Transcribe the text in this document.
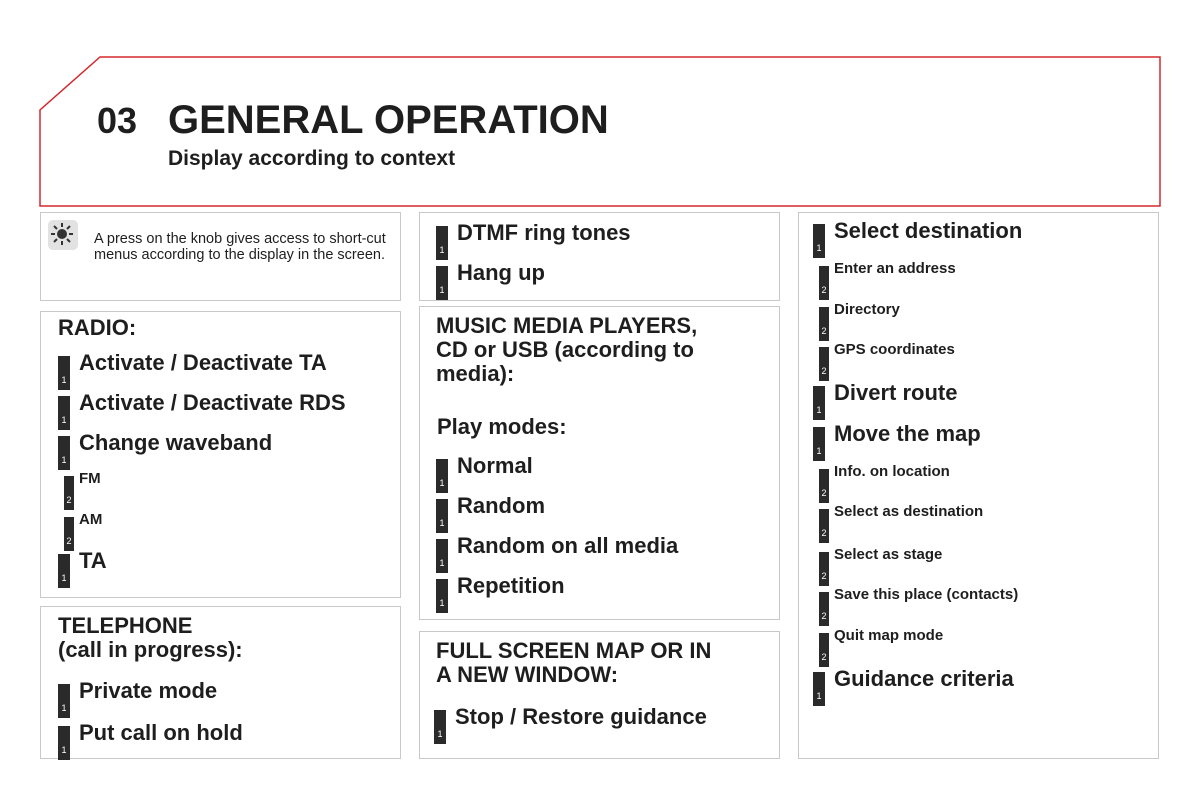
03 GENERAL OPERATION
Display according to context
A press on the knob gives access to short-cut menus according to the display in the screen.
RADIO:
1
Activate / Deactivate TA
1
Activate / Deactivate RDS
1
Change waveband
2
FM
2
AM
1
TA
TELEPHONE
(call in progress):
1
Private mode
1
Put call on hold
1
DTMF ring tones
1
Hang up
MUSIC MEDIA PLAYERS,
CD or USB (according to
media):
Play modes:
1
Normal
1
Random
1
Random on all media
1
Repetition
FULL SCREEN MAP OR IN
A NEW WINDOW:
1
Stop / Restore guidance
1
Select destination
2
Enter an address
2
Directory
2
GPS coordinates
1
Divert route
1
Move the map
2
Info. on location
2
Select as destination
2
Select as stage
2
Save this place (contacts)
2
Quit map mode
1
Guidance criteria
